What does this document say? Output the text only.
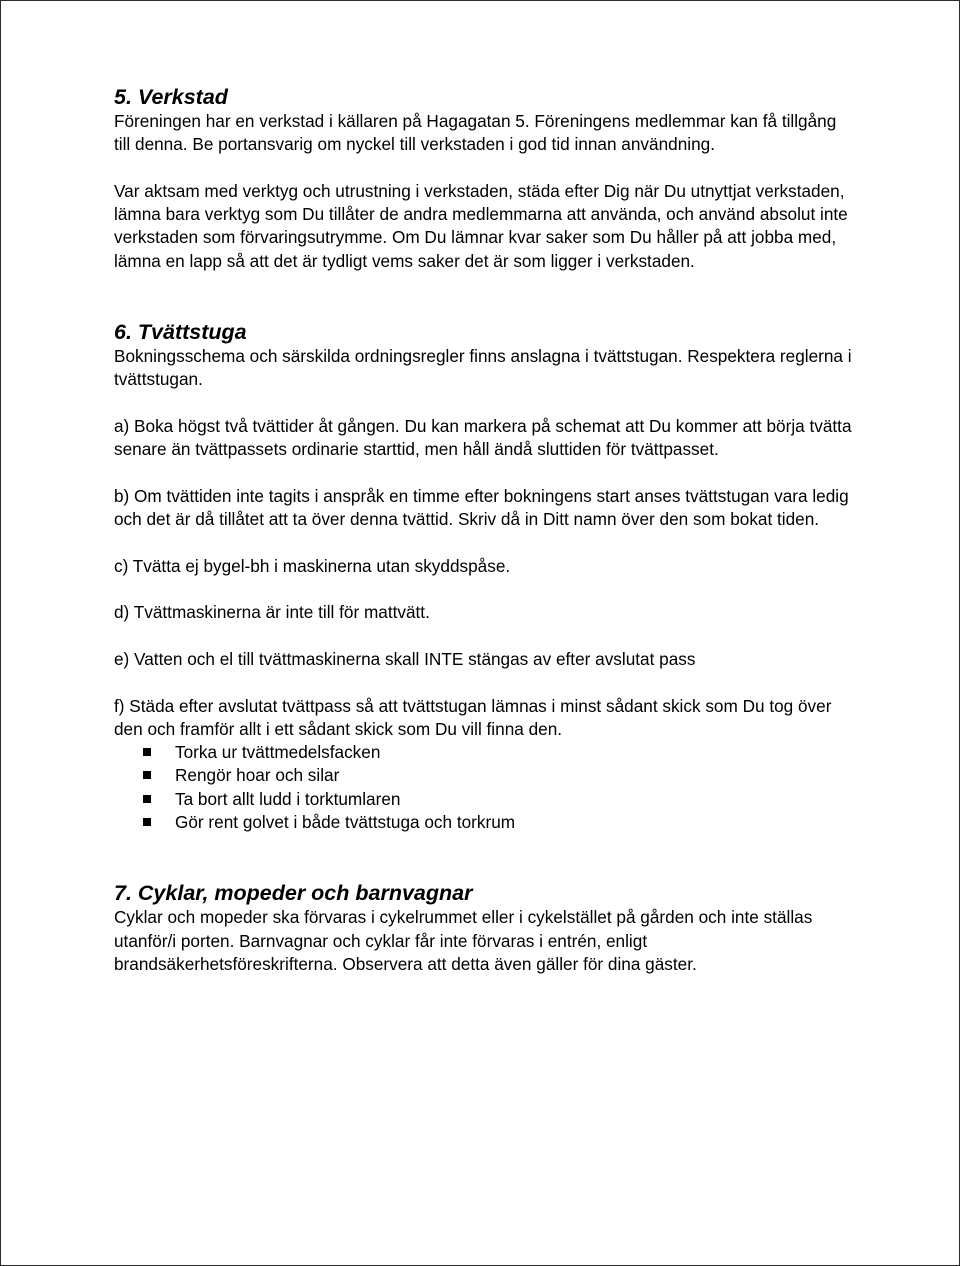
5. Verkstad

Föreningen har en verkstad i källaren på Hagagatan 5. Föreningens medlemmar kan få tillgång till denna. Be portansvarig om nyckel till verkstaden i god tid innan användning.

Var aktsam med verktyg och utrustning i verkstaden, städa efter Dig när Du utnyttjat verkstaden, lämna bara verktyg som Du tillåter de andra medlemmarna att använda, och använd absolut inte verkstaden som förvaringsutrymme. Om Du lämnar kvar saker som Du håller på att jobba med, lämna en lapp så att det är tydligt vems saker det är som ligger i verkstaden.

6. Tvättstuga

Bokningsschema och särskilda ordningsregler finns anslagna i tvättstugan. Respektera reglerna i tvättstugan.

a) Boka högst två tvättider åt gången. Du kan markera på schemat att Du kommer att börja tvätta senare än tvättpassets ordinarie starttid, men håll ändå sluttiden för tvättpasset.

b) Om tvättiden inte tagits i anspråk en timme efter bokningens start anses tvättstugan vara ledig och det är då tillåtet att ta över denna tvättid. Skriv då in Ditt namn över den som bokat tiden.

c) Tvätta ej bygel-bh i maskinerna utan skyddspåse.

d) Tvättmaskinerna är inte till för mattvätt.

e) Vatten och el till tvättmaskinerna skall INTE stängas av efter avslutat pass

f) Städa efter avslutat tvättpass så att tvättstugan lämnas i minst sådant skick som Du tog över den och framför allt i ett sådant skick som Du vill finna den.

Torka ur tvättmedelsfacken
Rengör hoar och silar
Ta bort allt ludd i torktumlaren
Gör rent golvet i både tvättstuga och torkrum
7. Cyklar, mopeder och barnvagnar

Cyklar och mopeder ska förvaras i cykelrummet eller i cykelstället på gården och inte ställas utanför/i porten. Barnvagnar och cyklar får inte förvaras i entrén, enligt brandsäkerhetsföreskrifterna. Observera att detta även gäller för dina gäster.
